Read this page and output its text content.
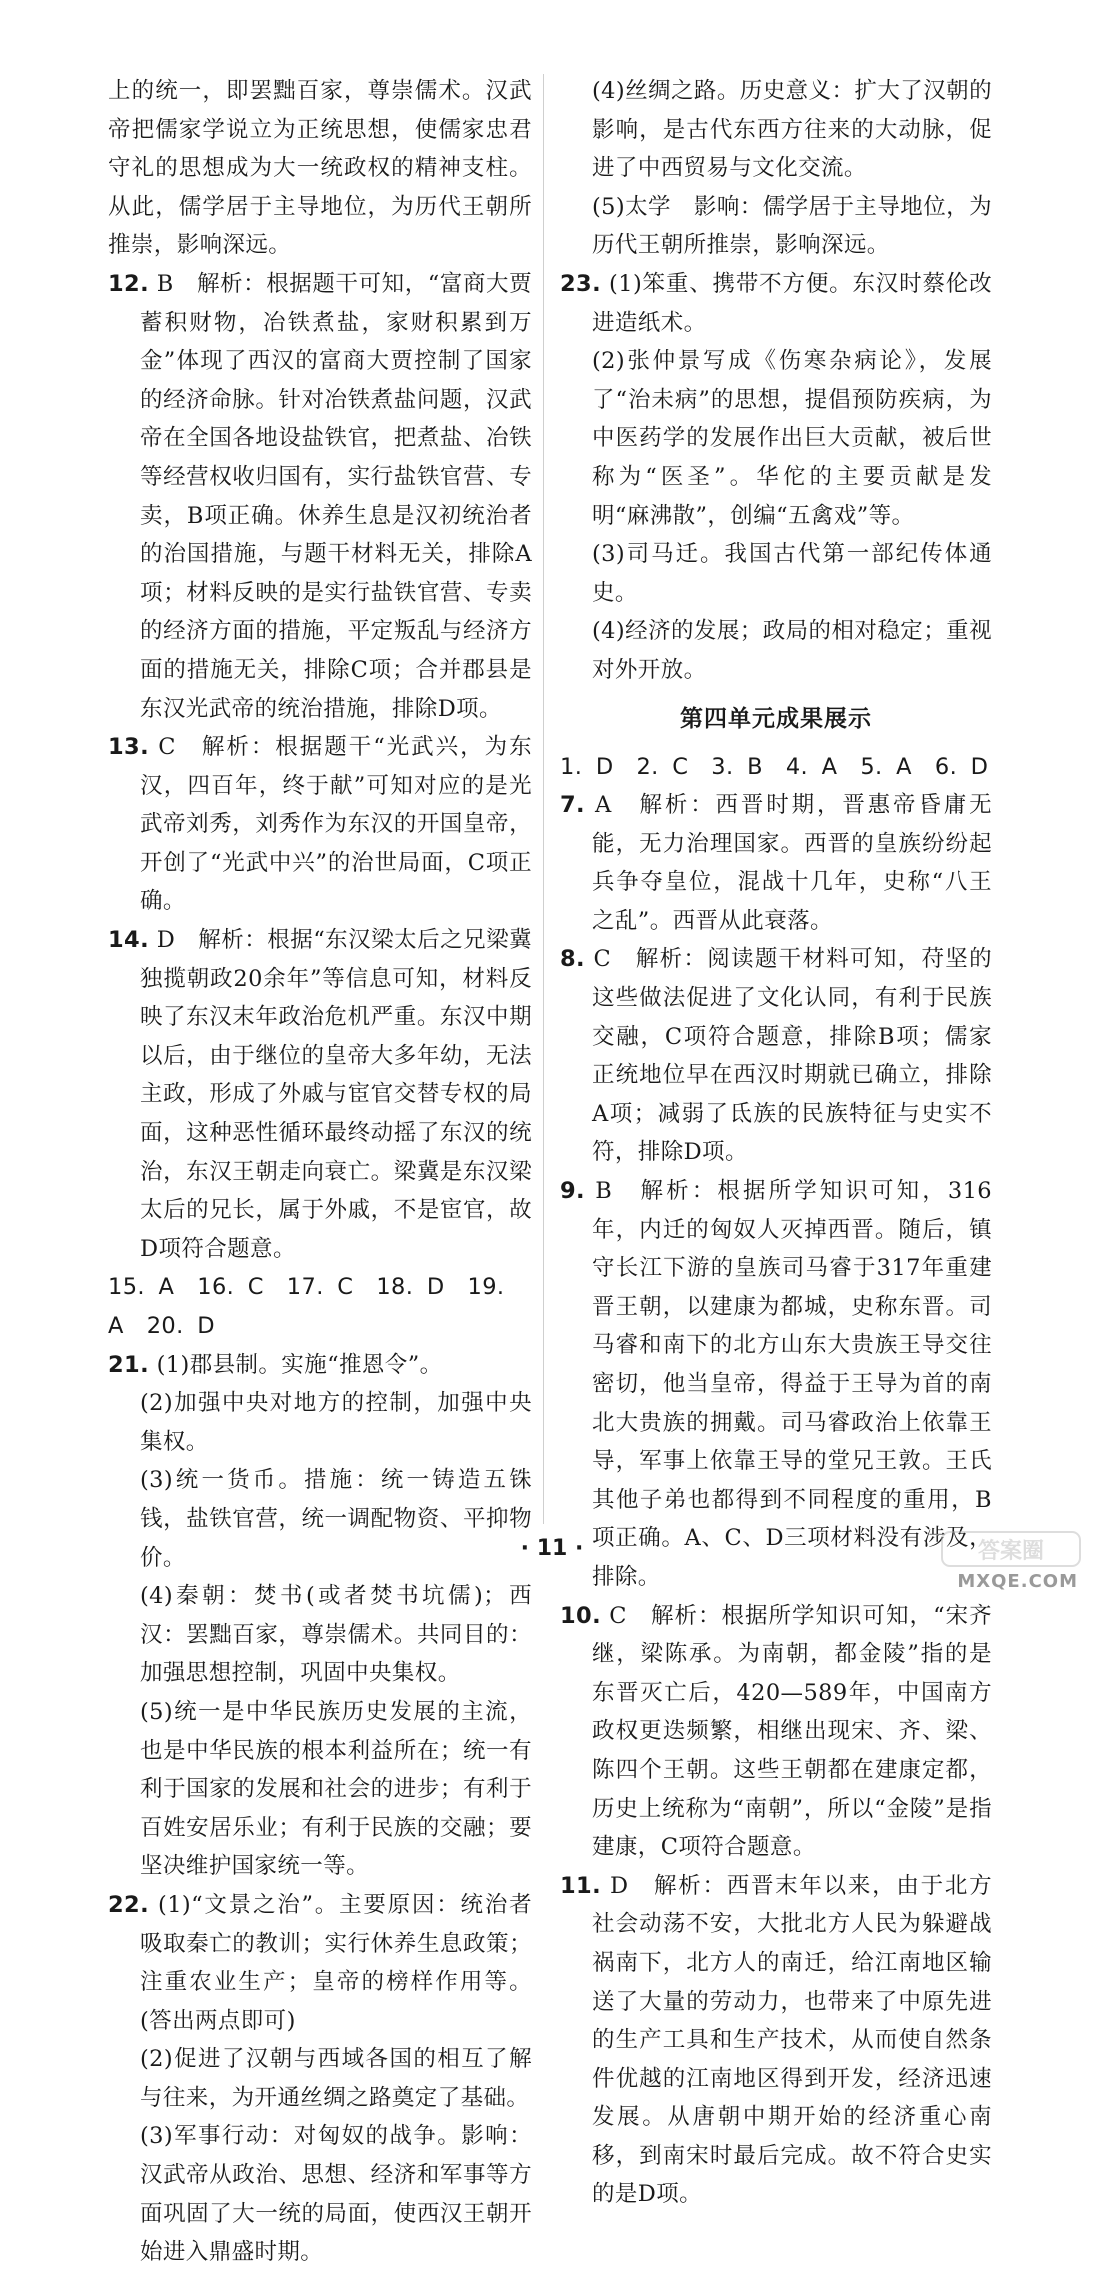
上的统一，即罢黜百家，尊崇儒术。汉武帝把儒家学说立为正统思想，使儒家忠君守礼的思想成为大一统政权的精神支柱。从此，儒学居于主导地位，为历代王朝所推崇，影响深远。

12. B　解析：根据题干可知，“富商大贾蓄积财物，冶铁煮盐，家财积累到万金”体现了西汉的富商大贾控制了国家的经济命脉。针对冶铁煮盐问题，汉武帝在全国各地设盐铁官，把煮盐、冶铁等经营权收归国有，实行盐铁官营、专卖，B项正确。休养生息是汉初统治者的治国措施，与题干材料无关，排除A项；材料反映的是实行盐铁官营、专卖的经济方面的措施，平定叛乱与经济方面的措施无关，排除C项；合并郡县是东汉光武帝的统治措施，排除D项。

13. C　解析：根据题干“光武兴，为东汉，四百年，终于献”可知对应的是光武帝刘秀，刘秀作为东汉的开国皇帝，开创了“光武中兴”的治世局面，C项正确。

14. D　解析：根据“东汉梁太后之兄梁冀独揽朝政20余年”等信息可知，材料反映了东汉末年政治危机严重。东汉中期以后，由于继位的皇帝大多年幼，无法主政，形成了外戚与宦官交替专权的局面，这种恶性循环最终动摇了东汉的统治，东汉王朝走向衰亡。梁冀是东汉梁太后的兄长，属于外戚，不是宦官，故D项符合题意。

15. A　16. C　17. C　18. D　19. A　20. D

21. (1)郡县制。实施“推恩令”。

(2)加强中央对地方的控制，加强中央集权。

(3)统一货币。措施：统一铸造五铢钱，盐铁官营，统一调配物资、平抑物价。

(4)秦朝：焚书(或者焚书坑儒)；西汉：罢黜百家，尊崇儒术。共同目的：加强思想控制，巩固中央集权。

(5)统一是中华民族历史发展的主流，也是中华民族的根本利益所在；统一有利于国家的发展和社会的进步；有利于百姓安居乐业；有利于民族的交融；要坚决维护国家统一等。

22. (1)“文景之治”。主要原因：统治者吸取秦亡的教训；实行休养生息政策；注重农业生产；皇帝的榜样作用等。(答出两点即可)

(2)促进了汉朝与西域各国的相互了解与往来，为开通丝绸之路奠定了基础。

(3)军事行动：对匈奴的战争。影响：汉武帝从政治、思想、经济和军事等方面巩固了大一统的局面，使西汉王朝开始进入鼎盛时期。

(4)丝绸之路。历史意义：扩大了汉朝的影响，是古代东西方往来的大动脉，促进了中西贸易与文化交流。

(5)太学　影响：儒学居于主导地位，为历代王朝所推崇，影响深远。

23. (1)笨重、携带不方便。东汉时蔡伦改进造纸术。

(2)张仲景写成《伤寒杂病论》，发展了“治未病”的思想，提倡预防疾病，为中医药学的发展作出巨大贡献，被后世称为“医圣”。华佗的主要贡献是发明“麻沸散”，创编“五禽戏”等。

(3)司马迁。我国古代第一部纪传体通史。

(4)经济的发展；政局的相对稳定；重视对外开放。

第四单元成果展示

1. D　2. C　3. B　4. A　5. A　6. D

7. A　解析：西晋时期，晋惠帝昏庸无能，无力治理国家。西晋的皇族纷纷起兵争夺皇位，混战十几年，史称“八王之乱”。西晋从此衰落。

8. C　解析：阅读题干材料可知，苻坚的这些做法促进了文化认同，有利于民族交融，C项符合题意，排除B项；儒家正统地位早在西汉时期就已确立，排除A项；减弱了氐族的民族特征与史实不符，排除D项。

9. B　解析：根据所学知识可知，316年，内迁的匈奴人灭掉西晋。随后，镇守长江下游的皇族司马睿于317年重建晋王朝，以建康为都城，史称东晋。司马睿和南下的北方山东大贵族王导交往密切，他当皇帝，得益于王导为首的南北大贵族的拥戴。司马睿政治上依靠王导，军事上依靠王导的堂兄王敦。王氏其他子弟也都得到不同程度的重用，B项正确。A、C、D三项材料没有涉及，排除。

10. C　解析：根据所学知识可知，“宋齐继，梁陈承。为南朝，都金陵”指的是东晋灭亡后，420—589年，中国南方政权更迭频繁，相继出现宋、齐、梁、陈四个王朝。这些王朝都在建康定都，历史上统称为“南朝”，所以“金陵”是指建康，C项符合题意。

11. D　解析：西晋末年以来，由于北方社会动荡不安，大批北方人民为躲避战祸南下，北方人的南迁，给江南地区输送了大量的劳动力，也带来了中原先进的生产工具和生产技术，从而使自然条件优越的江南地区得到开发，经济迅速发展。从唐朝中期开始的经济重心南移，到南宋时最后完成。故不符合史实的是D项。

· 11 ·	答案圈
MXQE.COM
